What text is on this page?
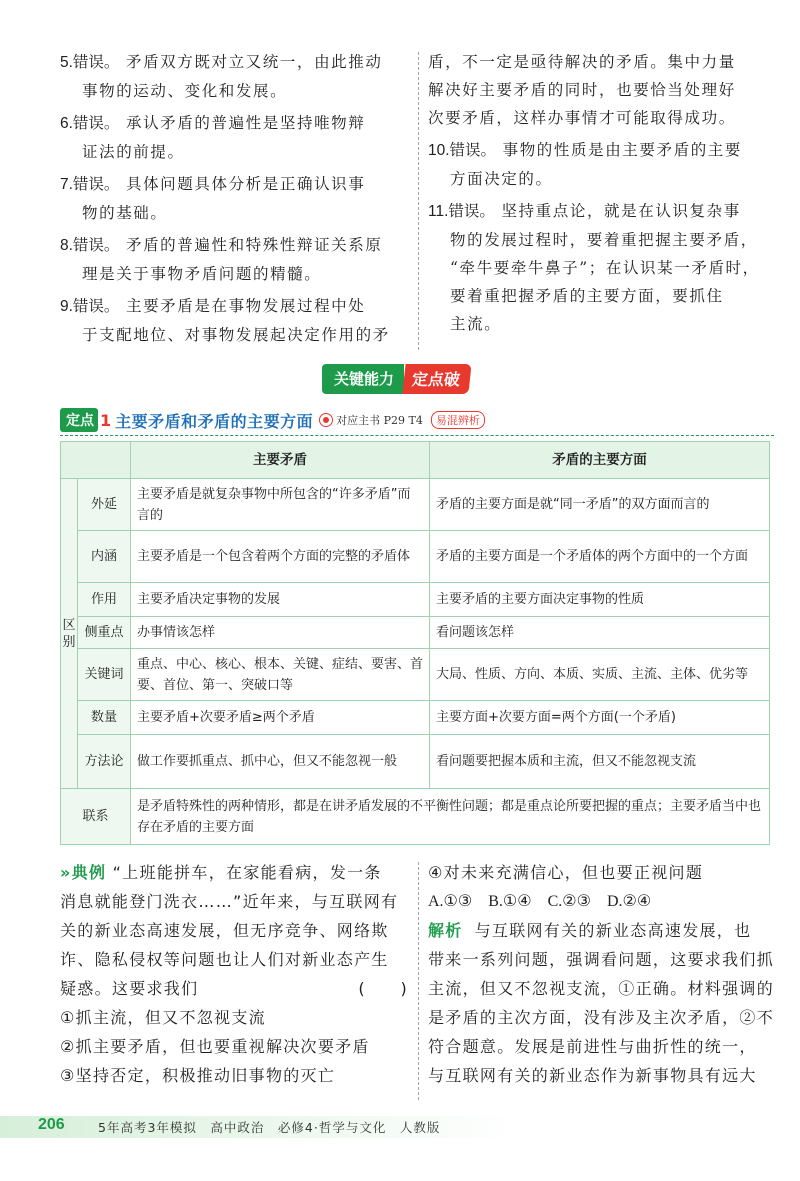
5.错误。 矛盾双方既对立又统一，由此推动
事物的运动、变化和发展。
6.错误。 承认矛盾的普遍性是坚持唯物辩
证法的前提。
7.错误。 具体问题具体分析是正确认识事
物的基础。
8.错误。 矛盾的普遍性和特殊性辩证关系原
理是关于事物矛盾问题的精髓。
9.错误。 主要矛盾是在事物发展过程中处
于支配地位、对事物发展起决定作用的矛
盾，不一定是亟待解决的矛盾。集中力量
解决好主要矛盾的同时，也要恰当处理好
次要矛盾，这样办事情才可能取得成功。
10.错误。 事物的性质是由主要矛盾的主要
方面决定的。
11.错误。 坚持重点论，就是在认识复杂事
物的发展过程时，要着重把握主要矛盾，
“牵牛要牵牛鼻子”；在认识某一矛盾时，
要着重把握矛盾的主要方面，要抓住
主流。
关键能力	定点破
定点 1 主要矛盾和矛盾的主要方面 对应主书 P29 T4	易混辨析
		主要矛盾	矛盾的主要方面
区别	外延	主要矛盾是就复杂事物中所包含的“许多矛盾”而言的	矛盾的主要方面是就“同一矛盾”的双方面而言的
	内涵	主要矛盾是一个包含着两个方面的完整的矛盾体	矛盾的主要方面是一个矛盾体的两个方面中的一个方面
	作用	主要矛盾决定事物的发展	主要矛盾的主要方面决定事物的性质
	侧重点	办事情该怎样	看问题该怎样
	关键词	重点、中心、核心、根本、关键、症结、要害、首要、首位、第一、突破口等	大局、性质、方向、本质、实质、主流、主体、优劣等
	数量	主要矛盾+次要矛盾≥两个矛盾	主要方面+次要方面=两个方面(一个矛盾)
	方法论	做工作要抓重点、抓中心，但又不能忽视一般	看问题要把握本质和主流，但又不能忽视支流
联系		是矛盾特殊性的两种情形，都是在讲矛盾发展的不平衡性问题；都是重点论所要把握的重点；主要矛盾当中也存在矛盾的主要方面	
»典例 “上班能拼车，在家能看病，发一条
消息就能登门洗衣……”近年来，与互联网有
关的新业态高速发展，但无序竞争、网络欺
诈、隐私侵权等问题也让人们对新业态产生
疑惑。这要求我们	(　　)
①抓主流，但又不忽视支流
②抓主要矛盾，但也要重视解决次要矛盾
③坚持否定，积极推动旧事物的灭亡
④对未来充满信心，但也要正视问题
A.①③　B.①④　C.②③　D.②④
解析 与互联网有关的新业态高速发展，也
带来一系列问题，强调看问题，这要求我们抓
主流，但又不忽视支流，①正确。材料强调的
是矛盾的主次方面，没有涉及主次矛盾，②不
符合题意。发展是前进性与曲折性的统一，
与互联网有关的新业态作为新事物具有远大
206	5年高考3年模拟　高中政治　必修4·哲学与文化　人教版
